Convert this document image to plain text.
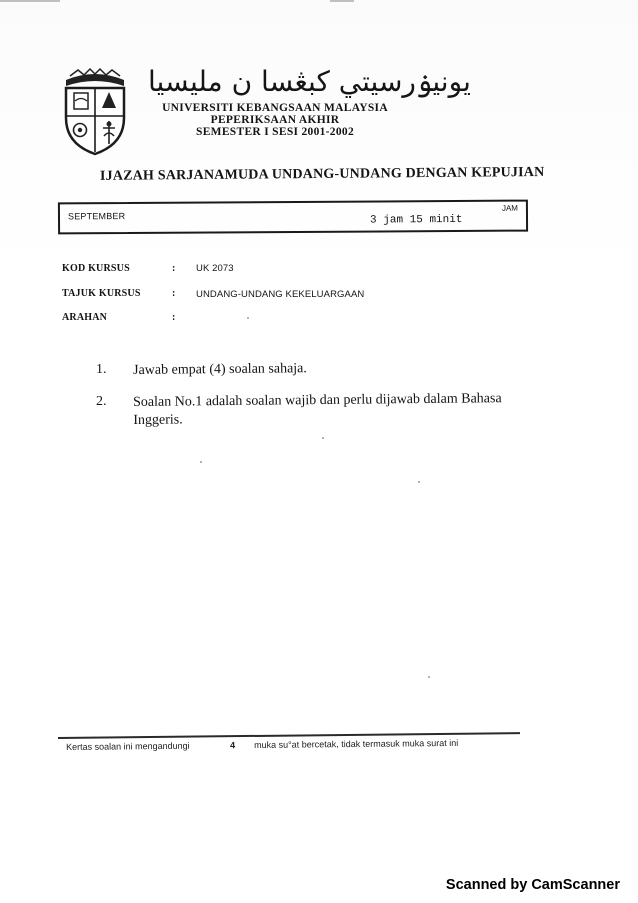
يونيۏرسيتي كبڠسا ن مليسيا
UNIVERSITI KEBANGSAAN MALAYSIA
PEPERIKSAAN AKHIR
SEMESTER I SESI 2001-2002
IJAZAH SARJANAMUDA UNDANG-UNDANG DENGAN KEPUJIAN
SEPTEMBER
JAM
3 jam 15 minit
KOD KURSUS	: UK 2073
TAJUK KURSUS	: UNDANG-UNDANG KEKELUARGAAN
ARAHAN	:
1. Jawab empat (4) soalan sahaja.
2. Soalan No.1 adalah soalan wajib dan perlu dijawab dalam Bahasa Inggeris.
Kertas soalan ini mengandungi	4 muka su°at bercetak, tidak termasuk muka surat ini
Scanned by CamScanner
